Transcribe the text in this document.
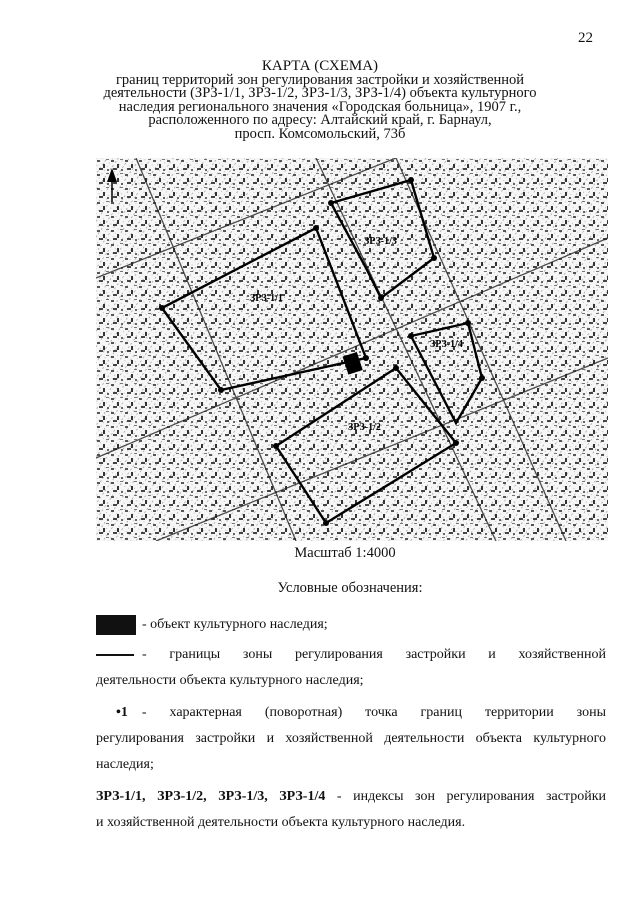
22
КАРТА (СХЕМА)
границ территорий зон регулирования застройки и хозяйственной
деятельности (ЗРЗ-1/1, ЗРЗ-1/2, ЗРЗ-1/3, ЗРЗ-1/4) объекта культурного
наследия регионального значения «Городская больница», 1907 г.,
расположенного по адресу: Алтайский край, г. Барнаул,
просп. Комсомольский, 73б
ЗРЗ-1/1
ЗРЗ-1/2
ЗРЗ-1/3
ЗРЗ-1/4
Масштаб 1:4000
Условные обозначения:
- объект культурного наследия;
- границы зоны регулирования застройки и хозяйственной
деятельности объекта культурного наследия;
•1 - характерная (поворотная) точка границ территории зоны
регулирования застройки и хозяйственной деятельности объекта культурного
наследия;
ЗРЗ-1/1, ЗРЗ-1/2, ЗРЗ-1/3, ЗРЗ-1/4 - индексы зон регулирования застройки
и хозяйственной деятельности объекта культурного наследия.
